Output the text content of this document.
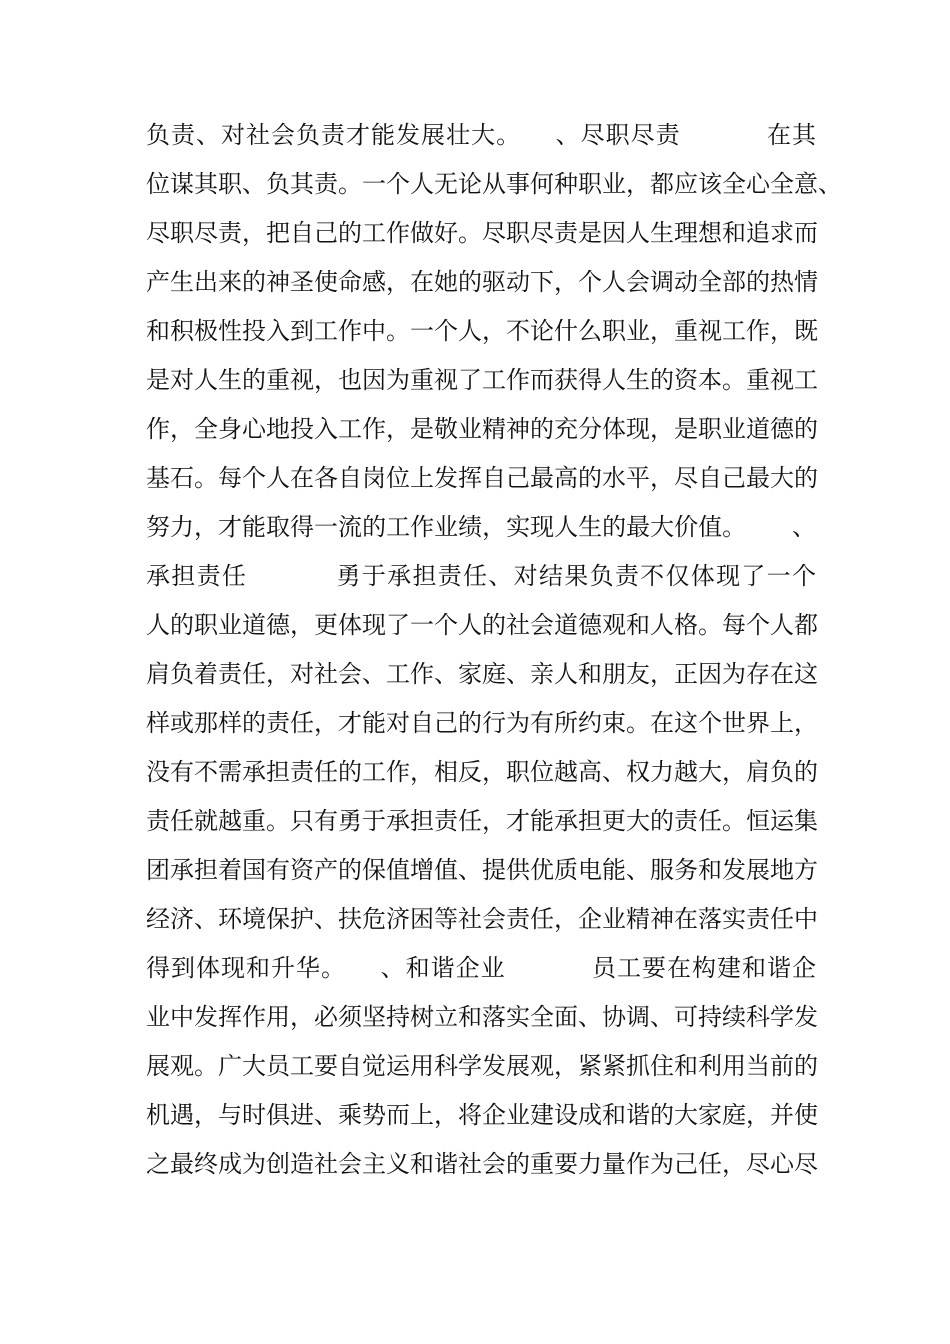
负责、对社会负责才能发展壮大。    、尽职尽责          在其

位谋其职、负其责。一个人无论从事何种职业，都应该全心全意、

尽职尽责，把自己的工作做好。尽职尽责是因人生理想和追求而

产生出来的神圣使命感，在她的驱动下，个人会调动全部的热情

和积极性投入到工作中。一个人，不论什么职业，重视工作，既

是对人生的重视，也因为重视了工作而获得人生的资本。重视工

作，全身心地投入工作，是敬业精神的充分体现，是职业道德的

基石。每个人在各自岗位上发挥自己最高的水平，尽自己最大的

努力，才能取得一流的工作业绩，实现人生的最大价值。      、

承担责任          勇于承担责任、对结果负责不仅体现了一个

人的职业道德，更体现了一个人的社会道德观和人格。每个人都

肩负着责任，对社会、工作、家庭、亲人和朋友，正因为存在这

样或那样的责任，才能对自己的行为有所约束。在这个世界上，

没有不需承担责任的工作，相反，职位越高、权力越大，肩负的

责任就越重。只有勇于承担责任，才能承担更大的责任。恒运集

团承担着国有资产的保值增值、提供优质电能、服务和发展地方

经济、环境保护、扶危济困等社会责任，企业精神在落实责任中

得到体现和升华。    、和谐企业          员工要在构建和谐企

业中发挥作用，必须坚持树立和落实全面、协调、可持续科学发

展观。广大员工要自觉运用科学发展观，紧紧抓住和利用当前的

机遇，与时俱进、乘势而上，将企业建设成和谐的大家庭，并使

之最终成为创造社会主义和谐社会的重要力量作为己任，尽心尽
